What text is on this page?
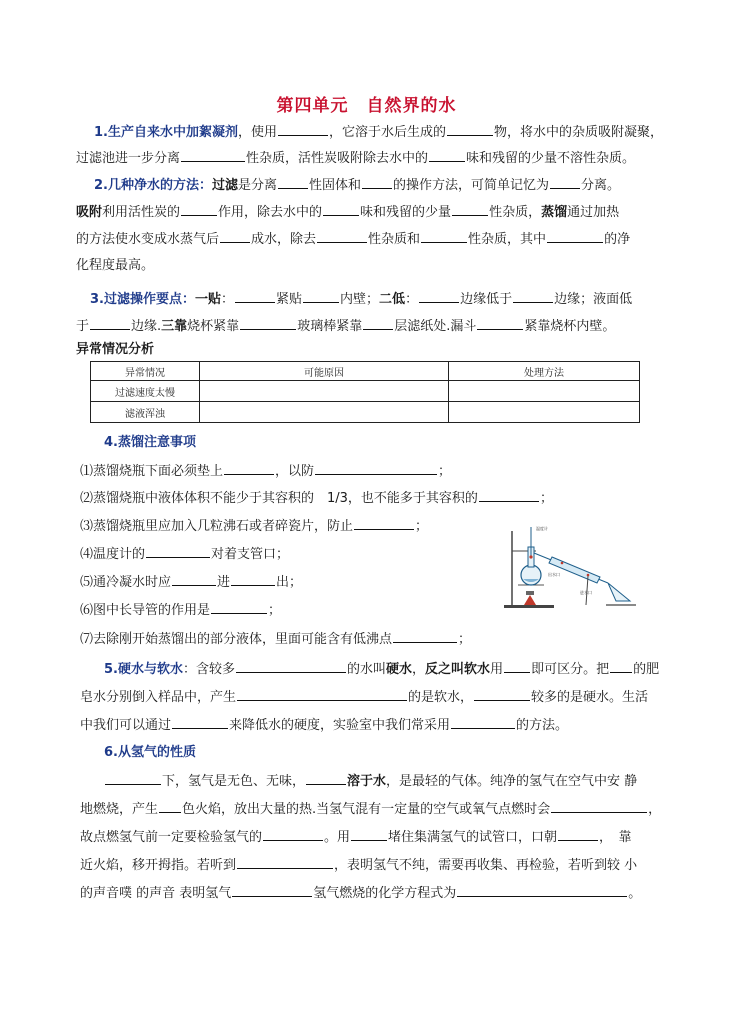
第四单元　自然界的水
1.生产自来水中加絮凝剂，使用	，它溶于水后生成的	物，将水中的杂质吸附凝聚，
过滤池进一步分离	性杂质，活性炭吸附除去水中的	味和残留的少量不溶性杂质。
2.几种净水的方法：过滤是分离 性固体和 的操作方法，可简单记忆为 分离。
吸附利用活性炭的	作用，除去水中的	味和残留的少量	性杂质，蒸馏通过加热
的方法使水变成水蒸气后 成水，除去	性杂质和	性杂质，其中	的净
化程度最高。
3.过滤操作要点：一贴：	紧贴	内壁；二低：	边缘低于	边缘；液面低
于	边缘.三靠烧杯紧靠	玻璃棒紧靠 层滤纸处.漏斗	紧靠烧杯内壁。
异常情况分析
异常情况	可能原因	处理方法
过滤速度太慢		
滤液浑浊		
4.蒸馏注意事项
⑴蒸馏烧瓶下面必须垫上	，以防	；
⑵蒸馏烧瓶中液体体积不能少于其容积的　1/3，也不能多于其容积的	；
⑶蒸馏烧瓶里应加入几粒沸石或者碎瓷片，防止	；
⑷温度计的	对着支管口；
⑸通冷凝水时应	进	出；
⑹图中长导管的作用是	；
⑺去除刚开始蒸馏出的部分液体，里面可能含有低沸点	；
温度计
出水口
进水口
5.硬水与软水：含较多	的水叫硬水，反之叫软水用 即可区分。把 的肥
皂水分别倒入样品中，产生	的是软水，	较多的是硬水。生活
中我们可以通过	来降低水的硬度，实验室中我们常采用	的方法。
6.从氢气的性质
下，氢气是无色、无味，	溶于水，是最轻的气体。纯净的氢气在空气中安 静
地燃烧，产生 色火焰，放出大量的热.当氢气混有一定量的空气或氧气点燃时会	，
故点燃氢气前一定要检验氢气的	。用	堵住集满氢气的试管口，口朝	，　靠
近火焰，移开拇指。若听到	，表明氢气不纯，需要再收集、再检验，若听到较 小
的声音噗 的声音 表明氢气	氢气燃烧的化学方程式为	。
